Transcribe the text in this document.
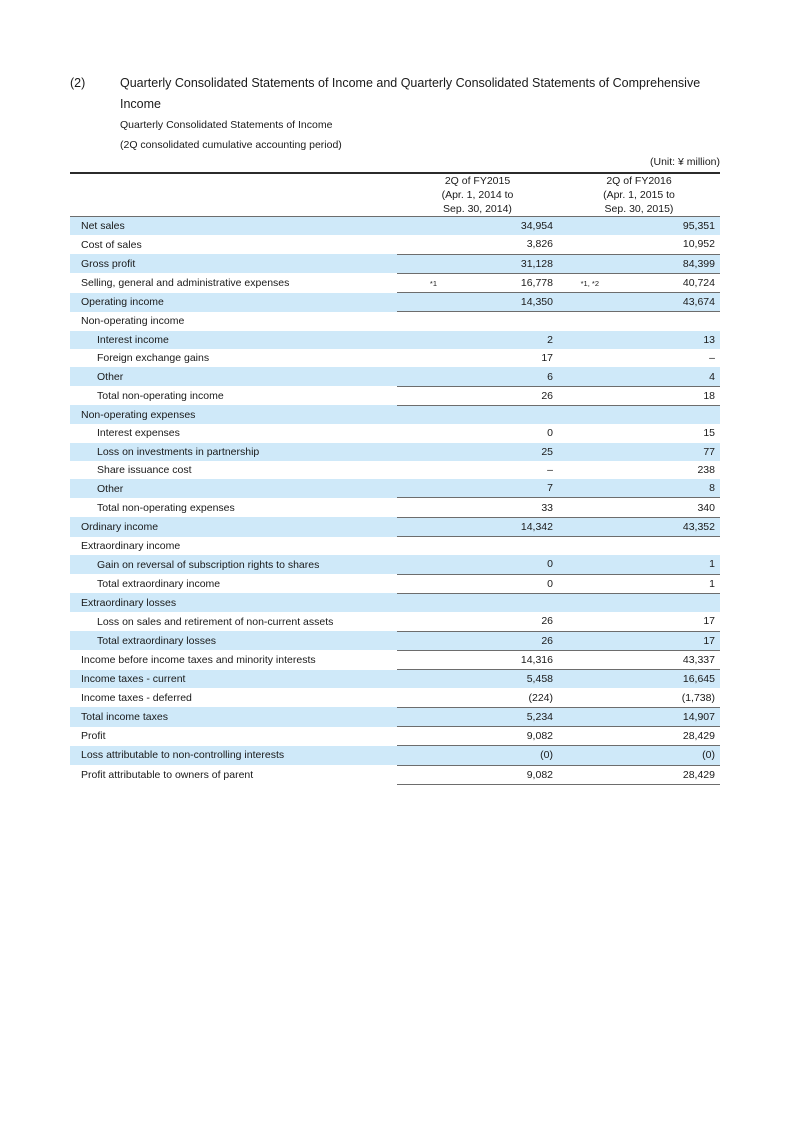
(2)	Quarterly Consolidated Statements of Income and Quarterly Consolidated Statements of Comprehensive Income
Quarterly Consolidated Statements of Income
(2Q consolidated cumulative accounting period)
(Unit: ¥ million)
	2Q of FY2015
(Apr. 1, 2014 to
Sep. 30, 2014)		2Q of FY2016
(Apr. 1, 2015 to
Sep. 30, 2015)	
Net sales		34,954		95,351
Cost of sales		3,826		10,952
Gross profit		31,128		84,399
Selling, general and administrative expenses	*1	16,778	*1, *2	40,724
Operating income		14,350		43,674
Non-operating income				
Interest income		2		13
Foreign exchange gains		17		–
Other		6		4
Total non-operating income		26		18
Non-operating expenses				
Interest expenses		0		15
Loss on investments in partnership		25		77
Share issuance cost		–		238
Other		7		8
Total non-operating expenses		33		340
Ordinary income		14,342		43,352
Extraordinary income				
Gain on reversal of subscription rights to shares		0		1
Total extraordinary income		0		1
Extraordinary losses				
Loss on sales and retirement of non-current assets		26		17
Total extraordinary losses		26		17
Income before income taxes and minority interests		14,316		43,337
Income taxes - current		5,458		16,645
Income taxes - deferred		(224)		(1,738)
Total income taxes		5,234		14,907
Profit		9,082		28,429
Loss attributable to non-controlling interests		(0)		(0)
Profit attributable to owners of parent		9,082		28,429
